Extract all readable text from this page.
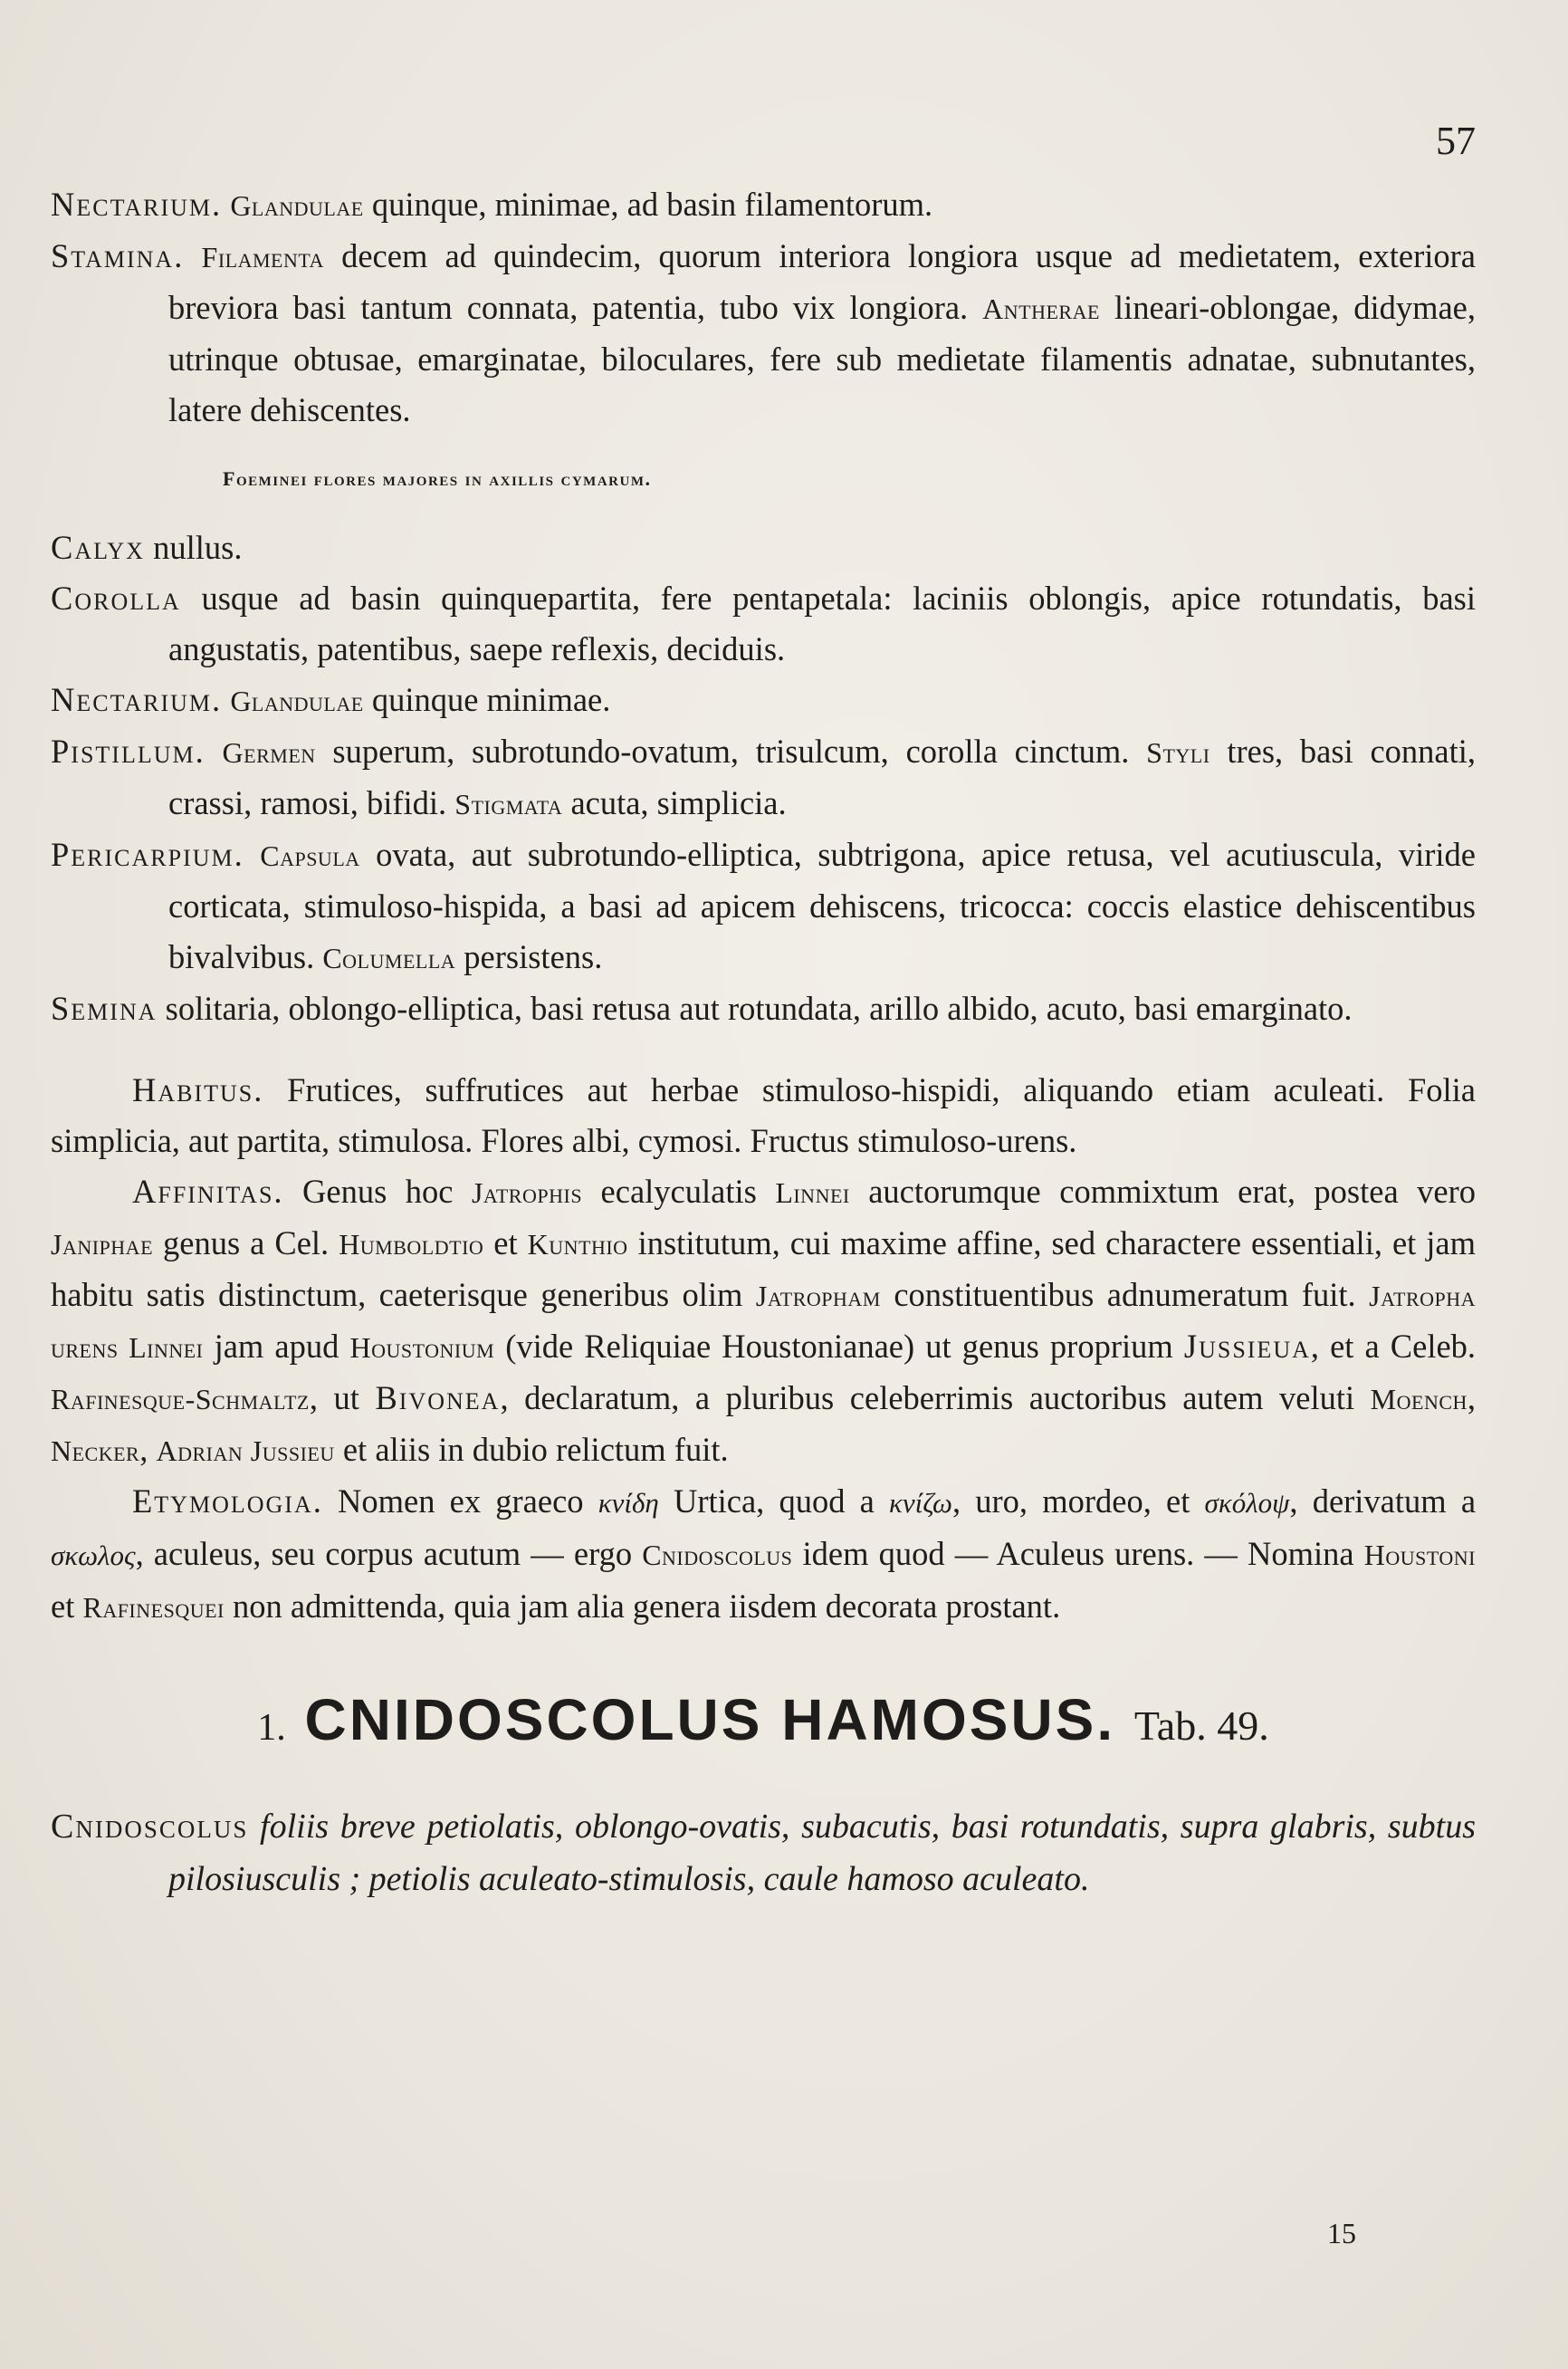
57

Nectarium. Glandulae quinque, minimae, ad basin filamentorum.

Stamina. Filamenta decem ad quindecim, quorum interiora longiora usque ad medietatem, exteriora breviora basi tantum connata, patentia, tubo vix longiora. Antherae lineari-oblongae, didymae, utrinque obtusae, emarginatae, biloculares, fere sub medietate filamentis adnatae, subnutantes, latere dehiscentes.

Foeminei flores majores in axillis cymarum.

Calyx nullus.

Corolla usque ad basin quinquepartita, fere pentapetala: laciniis oblongis, apice rotundatis, basi angustatis, patentibus, saepe reflexis, deciduis.

Nectarium. Glandulae quinque minimae.

Pistillum. Germen superum, subrotundo-ovatum, trisulcum, corolla cinctum. Styli tres, basi connati, crassi, ramosi, bifidi. Stigmata acuta, simplicia.

Pericarpium. Capsula ovata, aut subrotundo-elliptica, subtrigona, apice retusa, vel acutiuscula, viride corticata, stimuloso-hispida, a basi ad apicem dehiscens, tricocca: coccis elastice dehiscentibus bivalvibus. Columella persistens.

Semina solitaria, oblongo-elliptica, basi retusa aut rotundata, arillo albido, acuto, basi emarginato.

Habitus. Frutices, suffrutices aut herbae stimuloso-hispidi, aliquando etiam aculeati. Folia simplicia, aut partita, stimulosa. Flores albi, cymosi. Fructus stimuloso-urens.

Affinitas. Genus hoc Jatrophis ecalyculatis Linnei auctorumque commixtum erat, postea vero Janiphae genus a Cel. Humboldtio et Kunthio institutum, cui maxime affine, sed charactere essentiali, et jam habitu satis distinctum, caeterisque generibus olim Jatropham constituentibus adnumeratum fuit. Jatropha urens Linnei jam apud Houstonium (vide Reliquiae Houstonianae) ut genus proprium Jussieua, et a Celeb. Rafinesque-Schmaltz, ut Bivonea, declaratum, a pluribus celeberrimis auctoribus autem veluti Moench, Necker, Adrian Jussieu et aliis in dubio relictum fuit.

Etymologia. Nomen ex graeco κνίδη Urtica, quod a κνίζω, uro, mordeo, et σκόλοψ, derivatum a σκωλος, aculeus, seu corpus acutum — ergo Cnidoscolus idem quod — Aculeus urens. — Nomina Houstoni et Rafinesquei non admittenda, quia jam alia genera iisdem decorata prostant.

1. CNIDOSCOLUS HAMOSUS. Tab. 49.

Cnidoscolus foliis breve petiolatis, oblongo-ovatis, subacutis, basi rotundatis, supra glabris, subtus pilosiusculis ; petiolis aculeato-stimulosis, caule hamoso aculeato.

15
